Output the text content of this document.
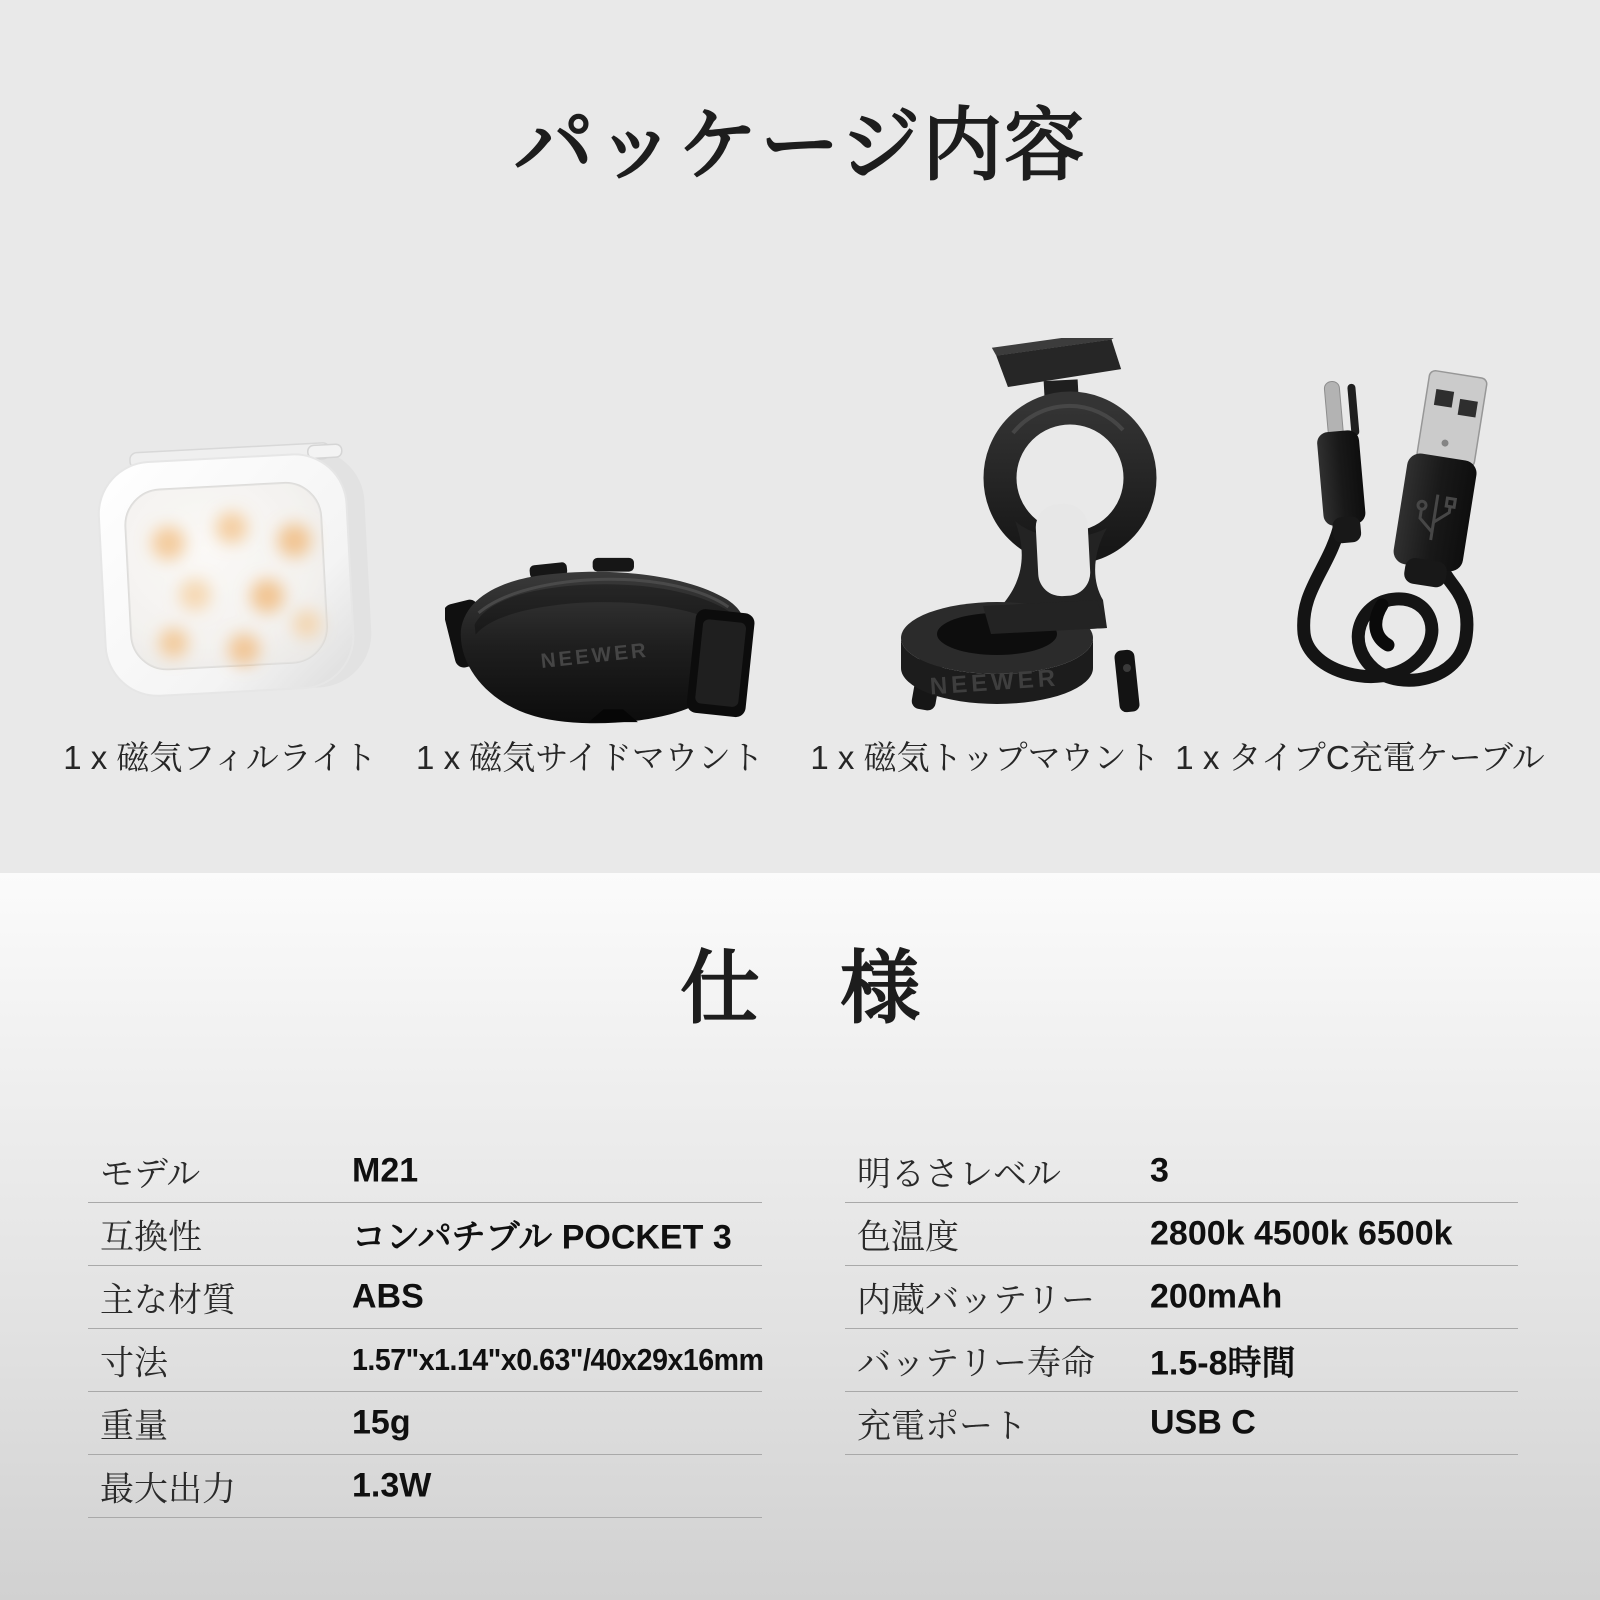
パッケージ内容
NEEWER
NEEWER
1 x 磁気フィルライト	1 x 磁気サイドマウント	1 x 磁気トップマウント 1 x タイプC充電ケーブル
仕　様
モデル	M21
互換性	コンパチブル POCKET 3
主な材質	ABS
寸法	1.57"x1.14"x0.63"/40x29x16mm
重量	15g
最大出力	1.3W
明るさレベル	3
色温度	2800k 4500k 6500k
内蔵バッテリー 200mAh
バッテリー寿命 1.5-8時間
充電ポート	USB C
